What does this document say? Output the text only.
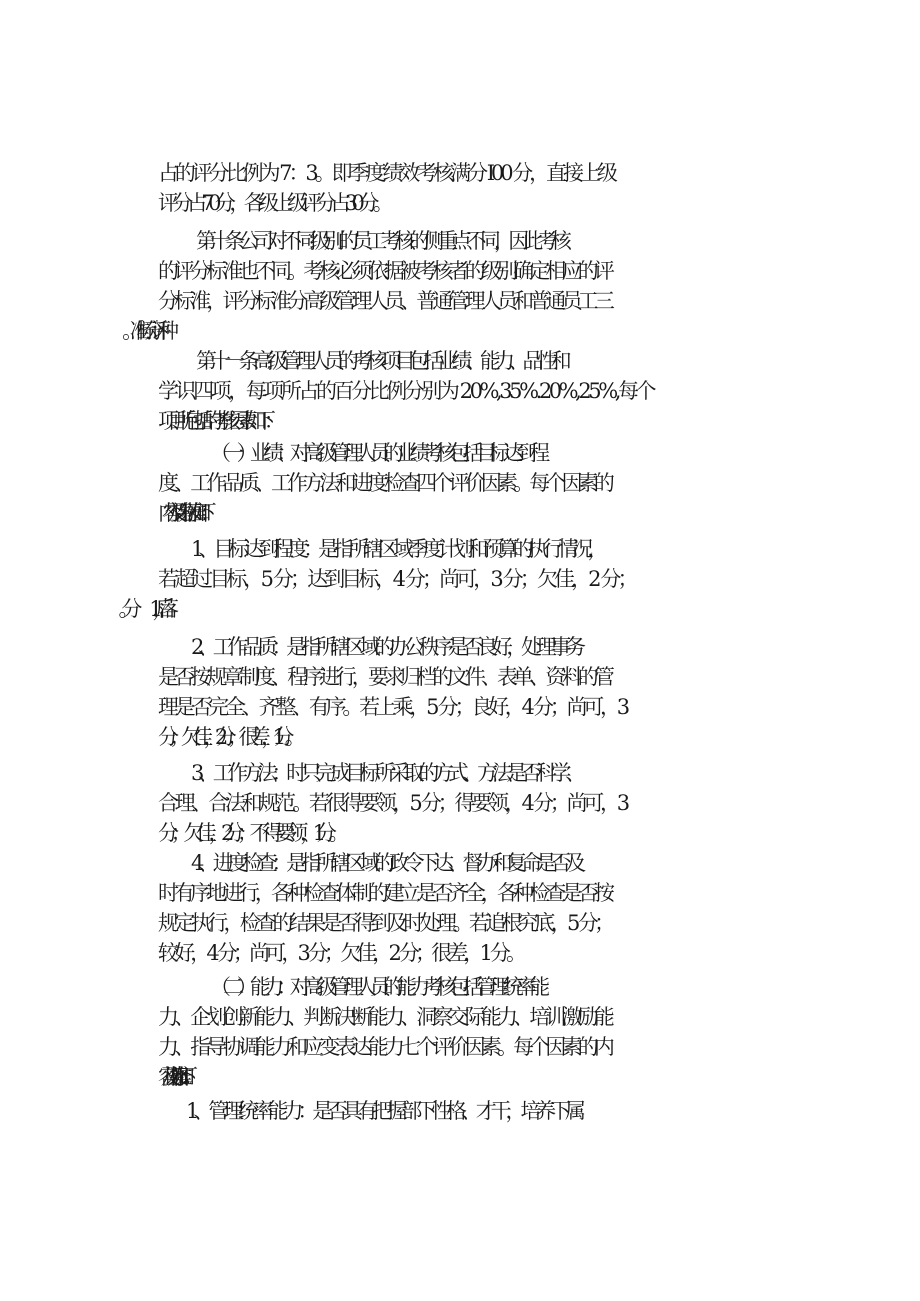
占的评分比例为 7：3。即季度绩效考核满分 I00 分，直接上级

评分占 70 分，各级上级评分占 30 分。

第十条公司对不同级别的员工考核的侧重点不同，因此考核

的评分标准也不同。考核必须依据被考核者的级别确定相应的评

分标准，评分标准分高级管理人员、普通管理人员和普通员工三

第十一条高级管理人员的考核项目包括业绩、能力、品性和

学识四项，每项所占的百分比例分别为 20%,35%.20%,25%,每个

项目所包括的考核因素如下：

（一）业绩：对高级管理人员的业绩考核包括目标达到程

度、工作品质、工作方法和进度检查四个评价因素。每个因素的

内容及评分标准如下：

1、目标达到程度：是指所辖区域季度计划和预算的执行情况，

若超过目标，5 分；达到目标，4 分；尚可，3 分；欠佳，2 分；

2、工作品质：是指所辖区域的办公秩序是否良好，处理事务

是否按规章制度、程序进行，要求归档的文件、表单、资料的管

理是否完全、齐整、有序。若上乘，5 分；良好，4 分；尚可，3

分；欠佳，2 分；很差，1 分。

3、工作方法：时只完成目标所采取的方式、方法是否科学、

合理、合法和规范。若很得要领，5 分；得要领，4 分；尚可，3

分；欠佳，2 分；不得要领，1 分。

4、进度检查：是指所辖区域的政令下达、督办和复命是否及

时有序地进行，各种检查体制的建立是否齐全，各种检查是否按

规定执行，检查的结果是否得到及时处理。若追根究底，5 分；

较好，4 分；尚可，3 分；欠佳，2 分；很差，1 分。

（二）能力：对高级管理人员的能力考核包括管理统率能

力、企划创新能力、判断决断能力、洞察交际能力、培训激励能

力、指导协调能力和应变表达能力七个评价因素。每个因素的内

容及评分标准如下：

1、管理统率能力：是否具有把握部下性格、才干，培养下属
